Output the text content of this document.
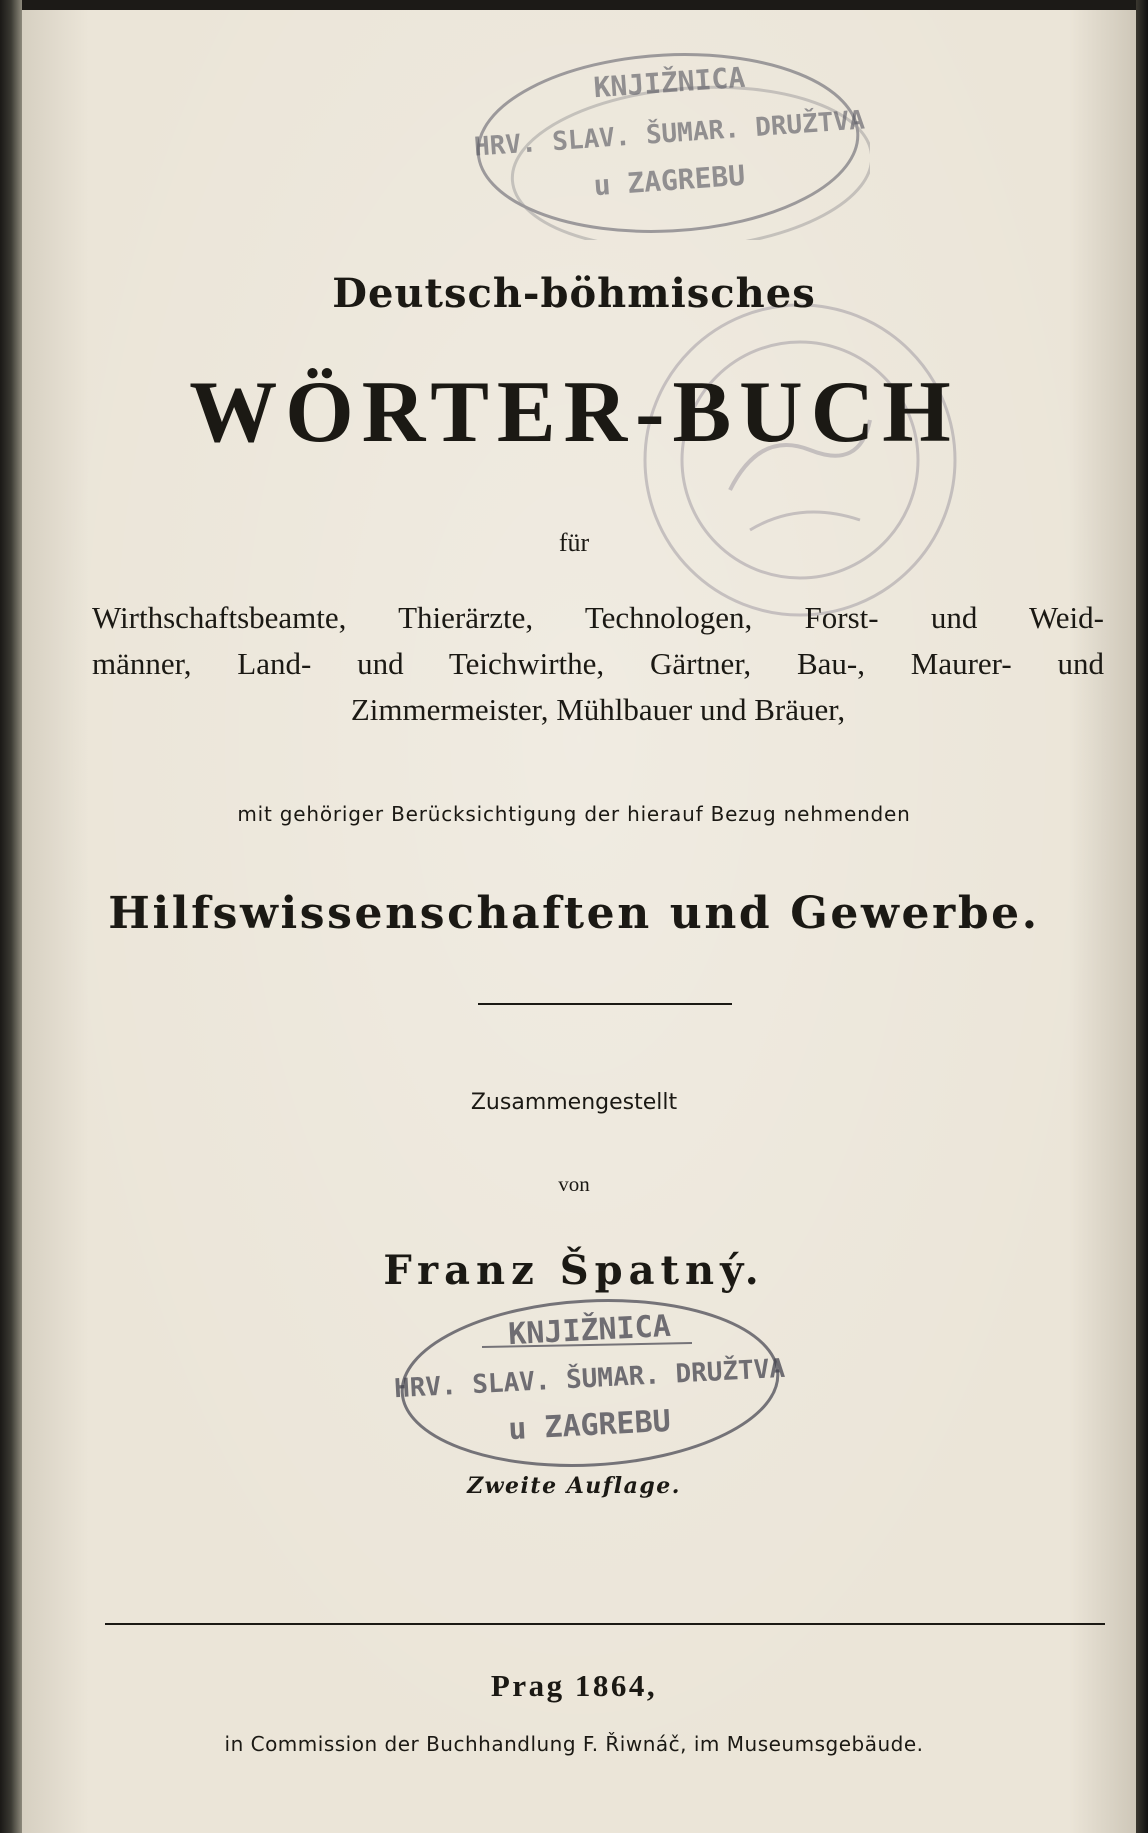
KNJIŽNICA
HRV. SLAV. ŠUMAR. DRUŽTVA
u ZAGREBU
Deutsch-böhmisches
WÖRTER-BUCH
für
Wirthschaftsbeamte, Thierärzte, Technologen, Forst- und Weid-
männer, Land- und Teichwirthe, Gärtner, Bau-, Maurer- und
Zimmermeister, Mühlbauer und Bräuer,
mit gehöriger Berücksichtigung der hierauf Bezug nehmenden
Hilfswissenschaften und Gewerbe.
Zusammengestellt
von
Franz Špatný.
KNJIŽNICA
HRV. SLAV. ŠUMAR. DRUŽTVA
u ZAGREBU
Zweite Auflage.
Prag 1864,
in Commission der Buchhandlung F. Řiwnáč, im Museumsgebäude.
